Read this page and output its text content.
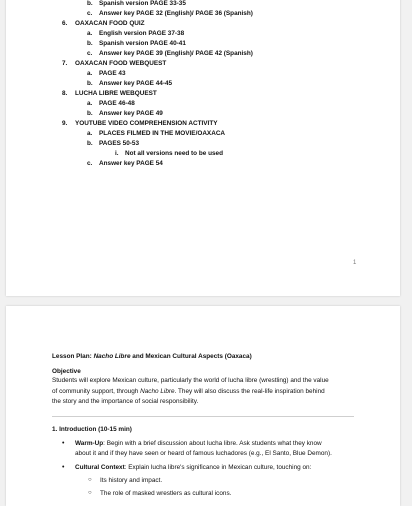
b. Spanish version PAGE 33-35
c. Answer key PAGE 32 (English)/ PAGE 36 (Spanish)
6. OAXACAN FOOD QUIZ
a. English version PAGE 37-38
b. Spanish version PAGE 40-41
c. Answer key PAGE 39 (English)/ PAGE 42 (Spanish)
7. OAXACAN FOOD WEBQUEST
a. PAGE 43
b. Answer key PAGE 44-45
8. LUCHA LIBRE WEBQUEST
a. PAGE 46-48
b. Answer key PAGE 49
9. YOUTUBE VIDEO COMPREHENSION ACTIVITY
a. PLACES FILMED IN THE MOVIE/OAXACA
b. PAGES 50-53
i. Not all versions need to be used
c. Answer key PAGE 54
1
Lesson Plan: Nacho Libre and Mexican Cultural Aspects (Oaxaca)
Objective
Students will explore Mexican culture, particularly the world of lucha libre (wrestling) and the value
of community support, through Nacho Libre. They will also discuss the real-life inspiration behind
the story and the importance of social responsibility.
1. Introduction (10-15 min)
• Warm-Up: Begin with a brief discussion about lucha libre. Ask students what they know
about it and if they have seen or heard of famous luchadores (e.g., El Santo, Blue Demon).
• Cultural Context: Explain lucha libre's significance in Mexican culture, touching on:
○ Its history and impact.
○ The role of masked wrestlers as cultural icons.
